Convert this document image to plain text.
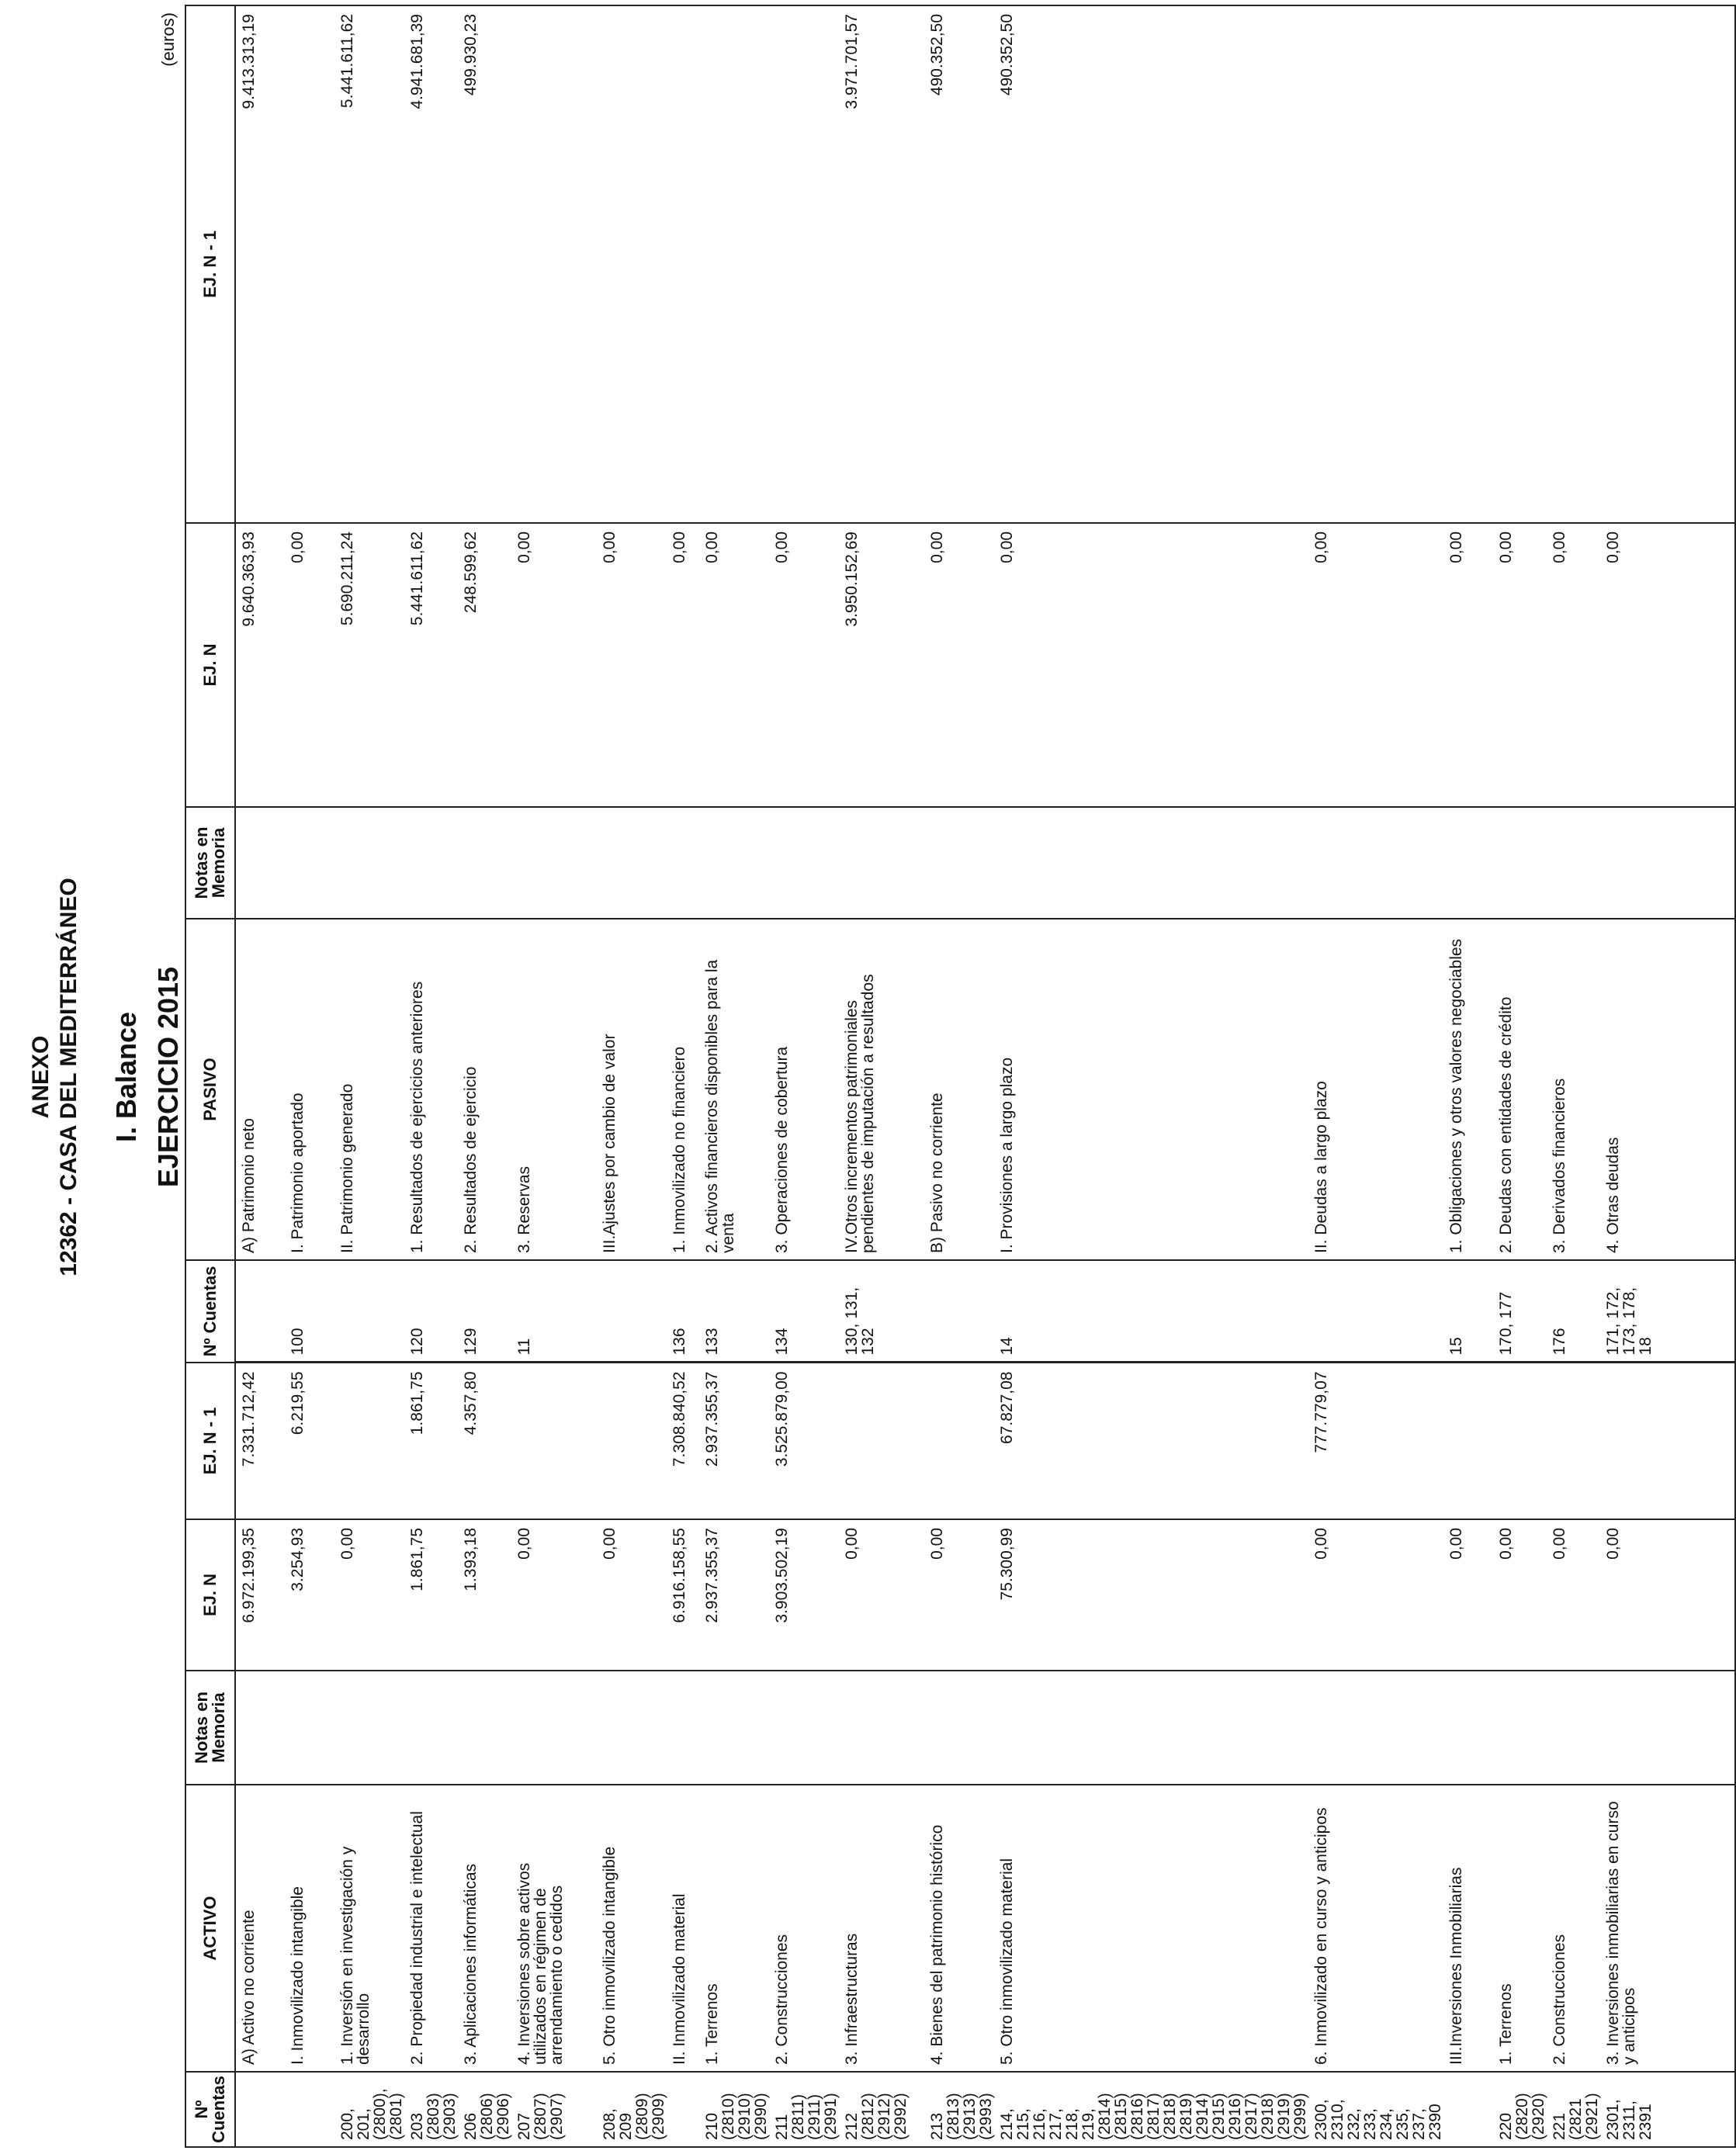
ANEXO 12362 - CASA DEL MEDITERRÁNEO I. Balance EJERCICIO 2015
(euros)
Nº Cuentas	ACTIVO	Notas en Memoria	EJ. N	EJ. N - 1	Nº Cuentas	PASIVO	Notas en Memoria	EJ. N	EJ. N - 1
	A) Activo no corriente		6.972.199,35	7.331.712,42		A) Patrimonio neto		9.640.363,93	9.413.313,19
	I. Inmovilizado intangible		3.254,93	6.219,55	100	I. Patrimonio aportado		0,00	
200, 201, (2800), (2801)	1. Inversión en investigación y desarrollo		0,00			II. Patrimonio generado		5.690.211,24	5.441.611,62
203 (2803) (2903)	2. Propiedad industrial e intelectual		1.861,75	1.861,75	120	1. Resultados de ejercicios anteriores		5.441.611,62	4.941.681,39
206 (2806) (2906)	3. Aplicaciones informáticas		1.393,18	4.357,80	129	2. Resultados de ejercicio		248.599,62	499.930,23
207 (2807) (2907)	4. Inversiones sobre activos utilizados en régimen de arrendamiento o cedidos		0,00		11	3. Reservas		0,00	
208, 209 (2809) (2909)	5. Otro inmovilizado intangible		0,00			III.Ajustes por cambio de valor		0,00	
	II. Inmovilizado material		6.916.158,55	7.308.840,52	136	1. Inmovilizado no financiero		0,00	
210 (2810) (2910) (2990)	1. Terrenos		2.937.355,37	2.937.355,37	133	2. Activos financieros disponibles para la venta		0,00	
211 (2811) (2911) (2991)	2. Construcciones		3.903.502,19	3.525.879,00	134	3. Operaciones de cobertura		0,00	
212 (2812) (2912) (2992)	3. Infraestructuras		0,00		130, 131, 132	IV.Otros incrementos patrimoniales pendientes de imputación a resultados		3.950.152,69	3.971.701,57
213 (2813) (2913) (2993)	4. Bienes del patrimonio histórico		0,00			B) Pasivo no corriente		0,00	490.352,50
214, 215, 216, 217, 218, 219, (2814) (2815) (2816) (2817) (2818) (2819) (2914) (2915) (2916) (2917) (2918) (2919) (2999)	5. Otro inmovilizado material		75.300,99	67.827,08	14	I. Provisiones a largo plazo		0,00	490.352,50
2300, 2310, 232, 233, 234, 235, 237, 2390	6. Inmovilizado en curso y anticipos		0,00	777.779,07		II. Deudas a largo plazo		0,00	
	III.Inversiones Inmobiliarias		0,00		15	1. Obligaciones y otros valores negociables		0,00	
220 (2820) (2920)	1. Terrenos		0,00		170, 177	2. Deudas con entidades de crédito		0,00	
221 (2821 (2921)	2. Construcciones		0,00		176	3. Derivados financieros		0,00	
2301, 2311, 2391	3. Inversiones inmobiliarias en curso y anticipos		0,00		171, 172, 173, 178, 18	4. Otras deudas		0,00	
